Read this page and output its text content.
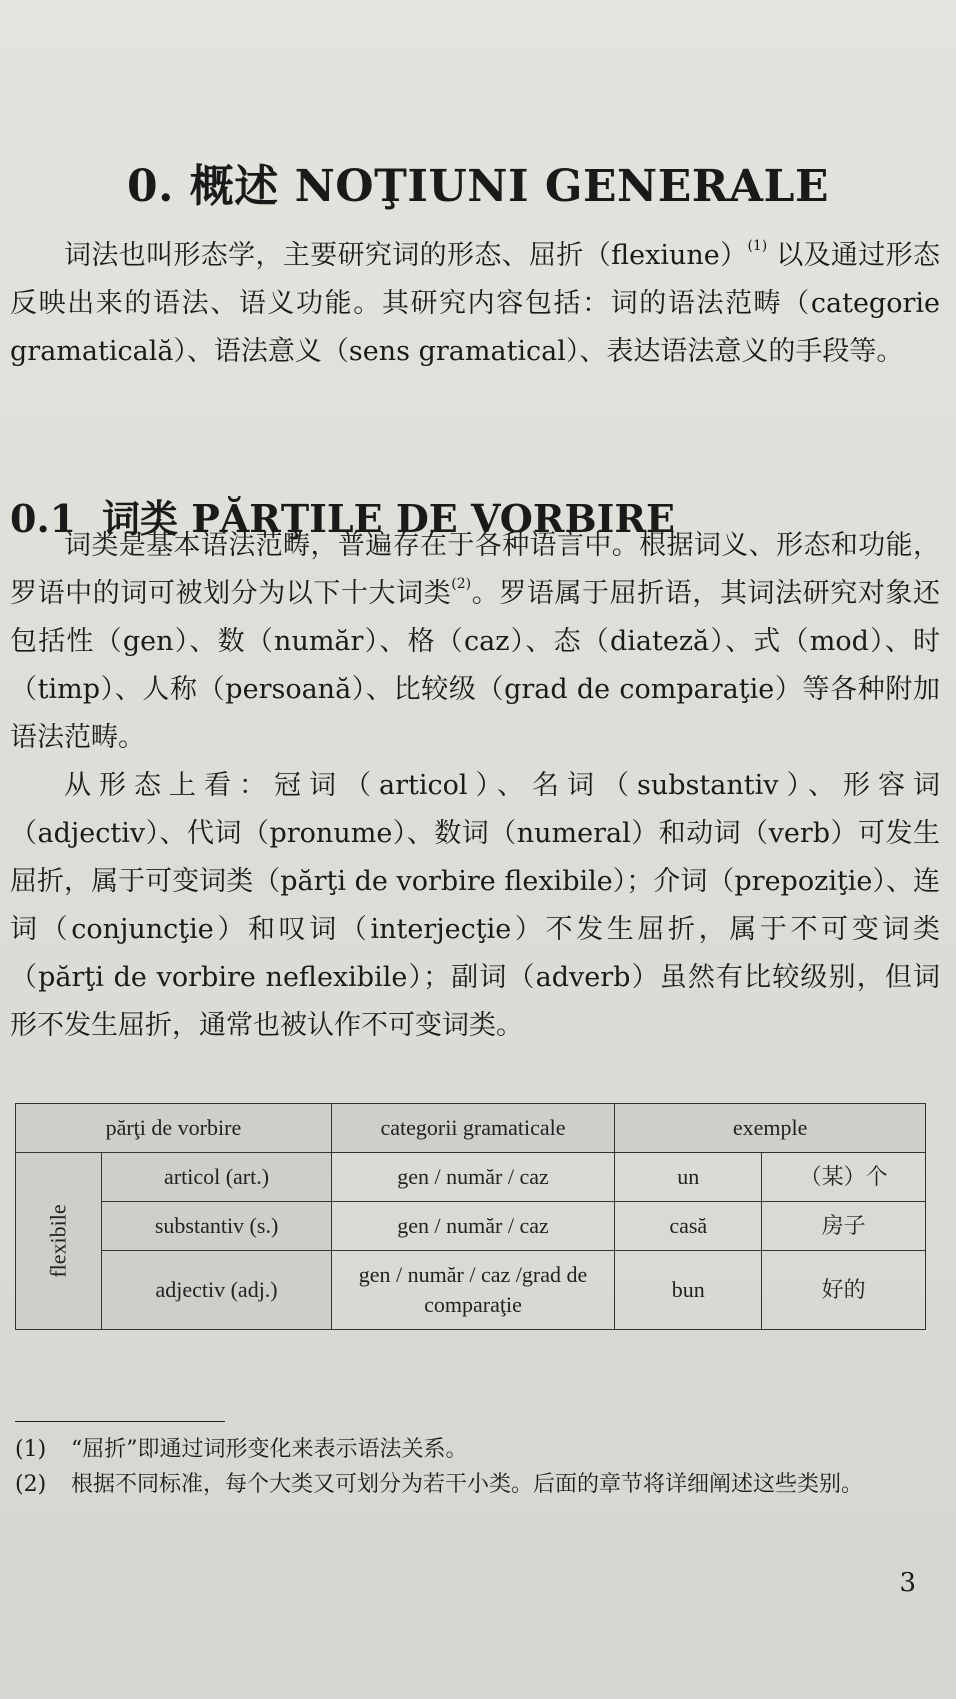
0. 概述 NOŢIUNI GENERALE

词法也叫形态学，主要研究词的形态、屈折（flexiune）$^{(1)}$ 以及通过形态反映出来的语法、语义功能。其研究内容包括：词的语法范畴（categorie gramaticală）、语法意义（sens gramatical）、表达语法意义的手段等。

0.1 词类 PĂRŢILE DE VORBIRE

词类是基本语法范畴，普遍存在于各种语言中。根据词义、形态和功能，罗语中的词可被划分为以下十大词类$^{(2)}$。罗语属于屈折语，其词法研究对象还包括性（gen）、数（număr）、格（caz）、态（diateză）、式（mod）、时（timp）、人称（persoană）、比较级（grad de comparaţie）等各种附加语法范畴。

从形态上看：冠词（articol）、名词（substantiv）、形容词（adjectiv）、代词（pronume）、数词（numeral）和动词（verb）可发生屈折，属于可变词类（părţi de vorbire flexibile）；介词（prepoziţie）、连词（conjuncţie）和叹词（interjecţie）不发生屈折，属于不可变词类（părţi de vorbire neflexibile）；副词（adverb）虽然有比较级别，但词形不发生屈折，通常也被认作不可变词类。

părţi de vorbire		categorii gramaticale	exemple	
flexibile	articol (art.)	gen / număr / caz	un	（某）个
	substantiv (s.)	gen / număr / caz	casă	房子
	adjectiv (adj.)	gen / număr / caz /grad de comparaţie	bun	好的

(1)	“屈折”即通过词形变化来表示语法关系。

(2)	根据不同标准，每个大类又可划分为若干小类。后面的章节将详细阐述这些类别。

3
